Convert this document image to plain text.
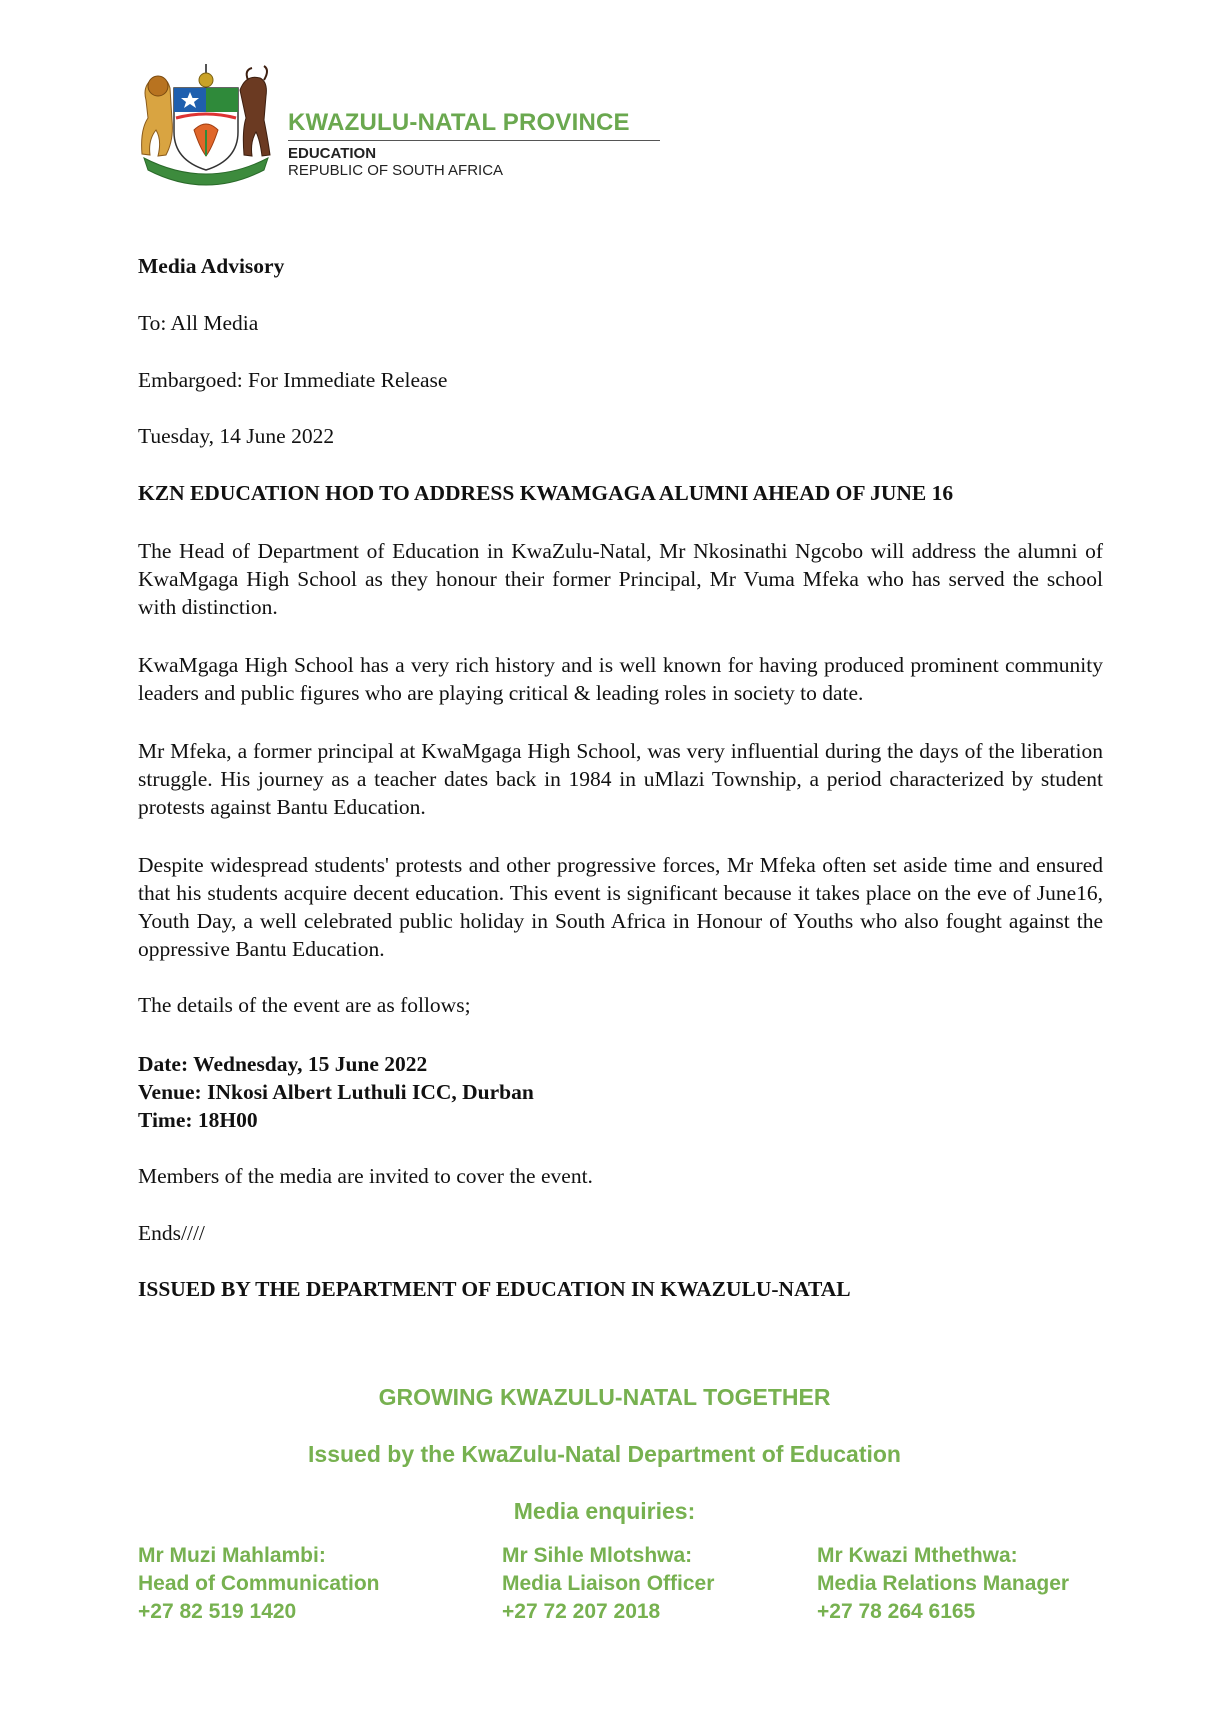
KWAZULU-NATAL PROVINCE
EDUCATION
REPUBLIC OF SOUTH AFRICA
Media Advisory
To: All Media
Embargoed: For Immediate Release
Tuesday, 14 June 2022
KZN EDUCATION HOD TO ADDRESS KWAMGAGA ALUMNI AHEAD OF JUNE 16

The Head of Department of Education in KwaZulu-Natal, Mr Nkosinathi Ngcobo will address the alumni of KwaMgaga High School as they honour their former Principal, Mr Vuma Mfeka who has served the school with distinction.

KwaMgaga High School has a very rich history and is well known for having produced prominent community leaders and public figures who are playing critical & leading roles in society to date.

Mr Mfeka, a former principal at KwaMgaga High School, was very influential during the days of the liberation struggle. His journey as a teacher dates back in 1984 in uMlazi Township, a period characterized by student protests against Bantu Education.

Despite widespread students' protests and other progressive forces, Mr Mfeka often set aside time and ensured that his students acquire decent education. This event is significant because it takes place on the eve of June16, Youth Day, a well celebrated public holiday in South Africa in Honour of Youths who also fought against the oppressive Bantu Education.

The details of the event are as follows;
Date: Wednesday, 15 June 2022
Venue: INkosi Albert Luthuli ICC, Durban
Time: 18H00
Members of the media are invited to cover the event.
Ends////
ISSUED BY THE DEPARTMENT OF EDUCATION IN KWAZULU-NATAL
GROWING KWAZULU-NATAL TOGETHER
Issued by the KwaZulu-Natal Department of Education
Media enquiries:
Mr Muzi Mahlambi:
Head of Communication
+27 82 519 1420
Mr Sihle Mlotshwa:
Media Liaison Officer
+27 72 207 2018
Mr Kwazi Mthethwa:
Media Relations Manager
+27 78 264 6165
